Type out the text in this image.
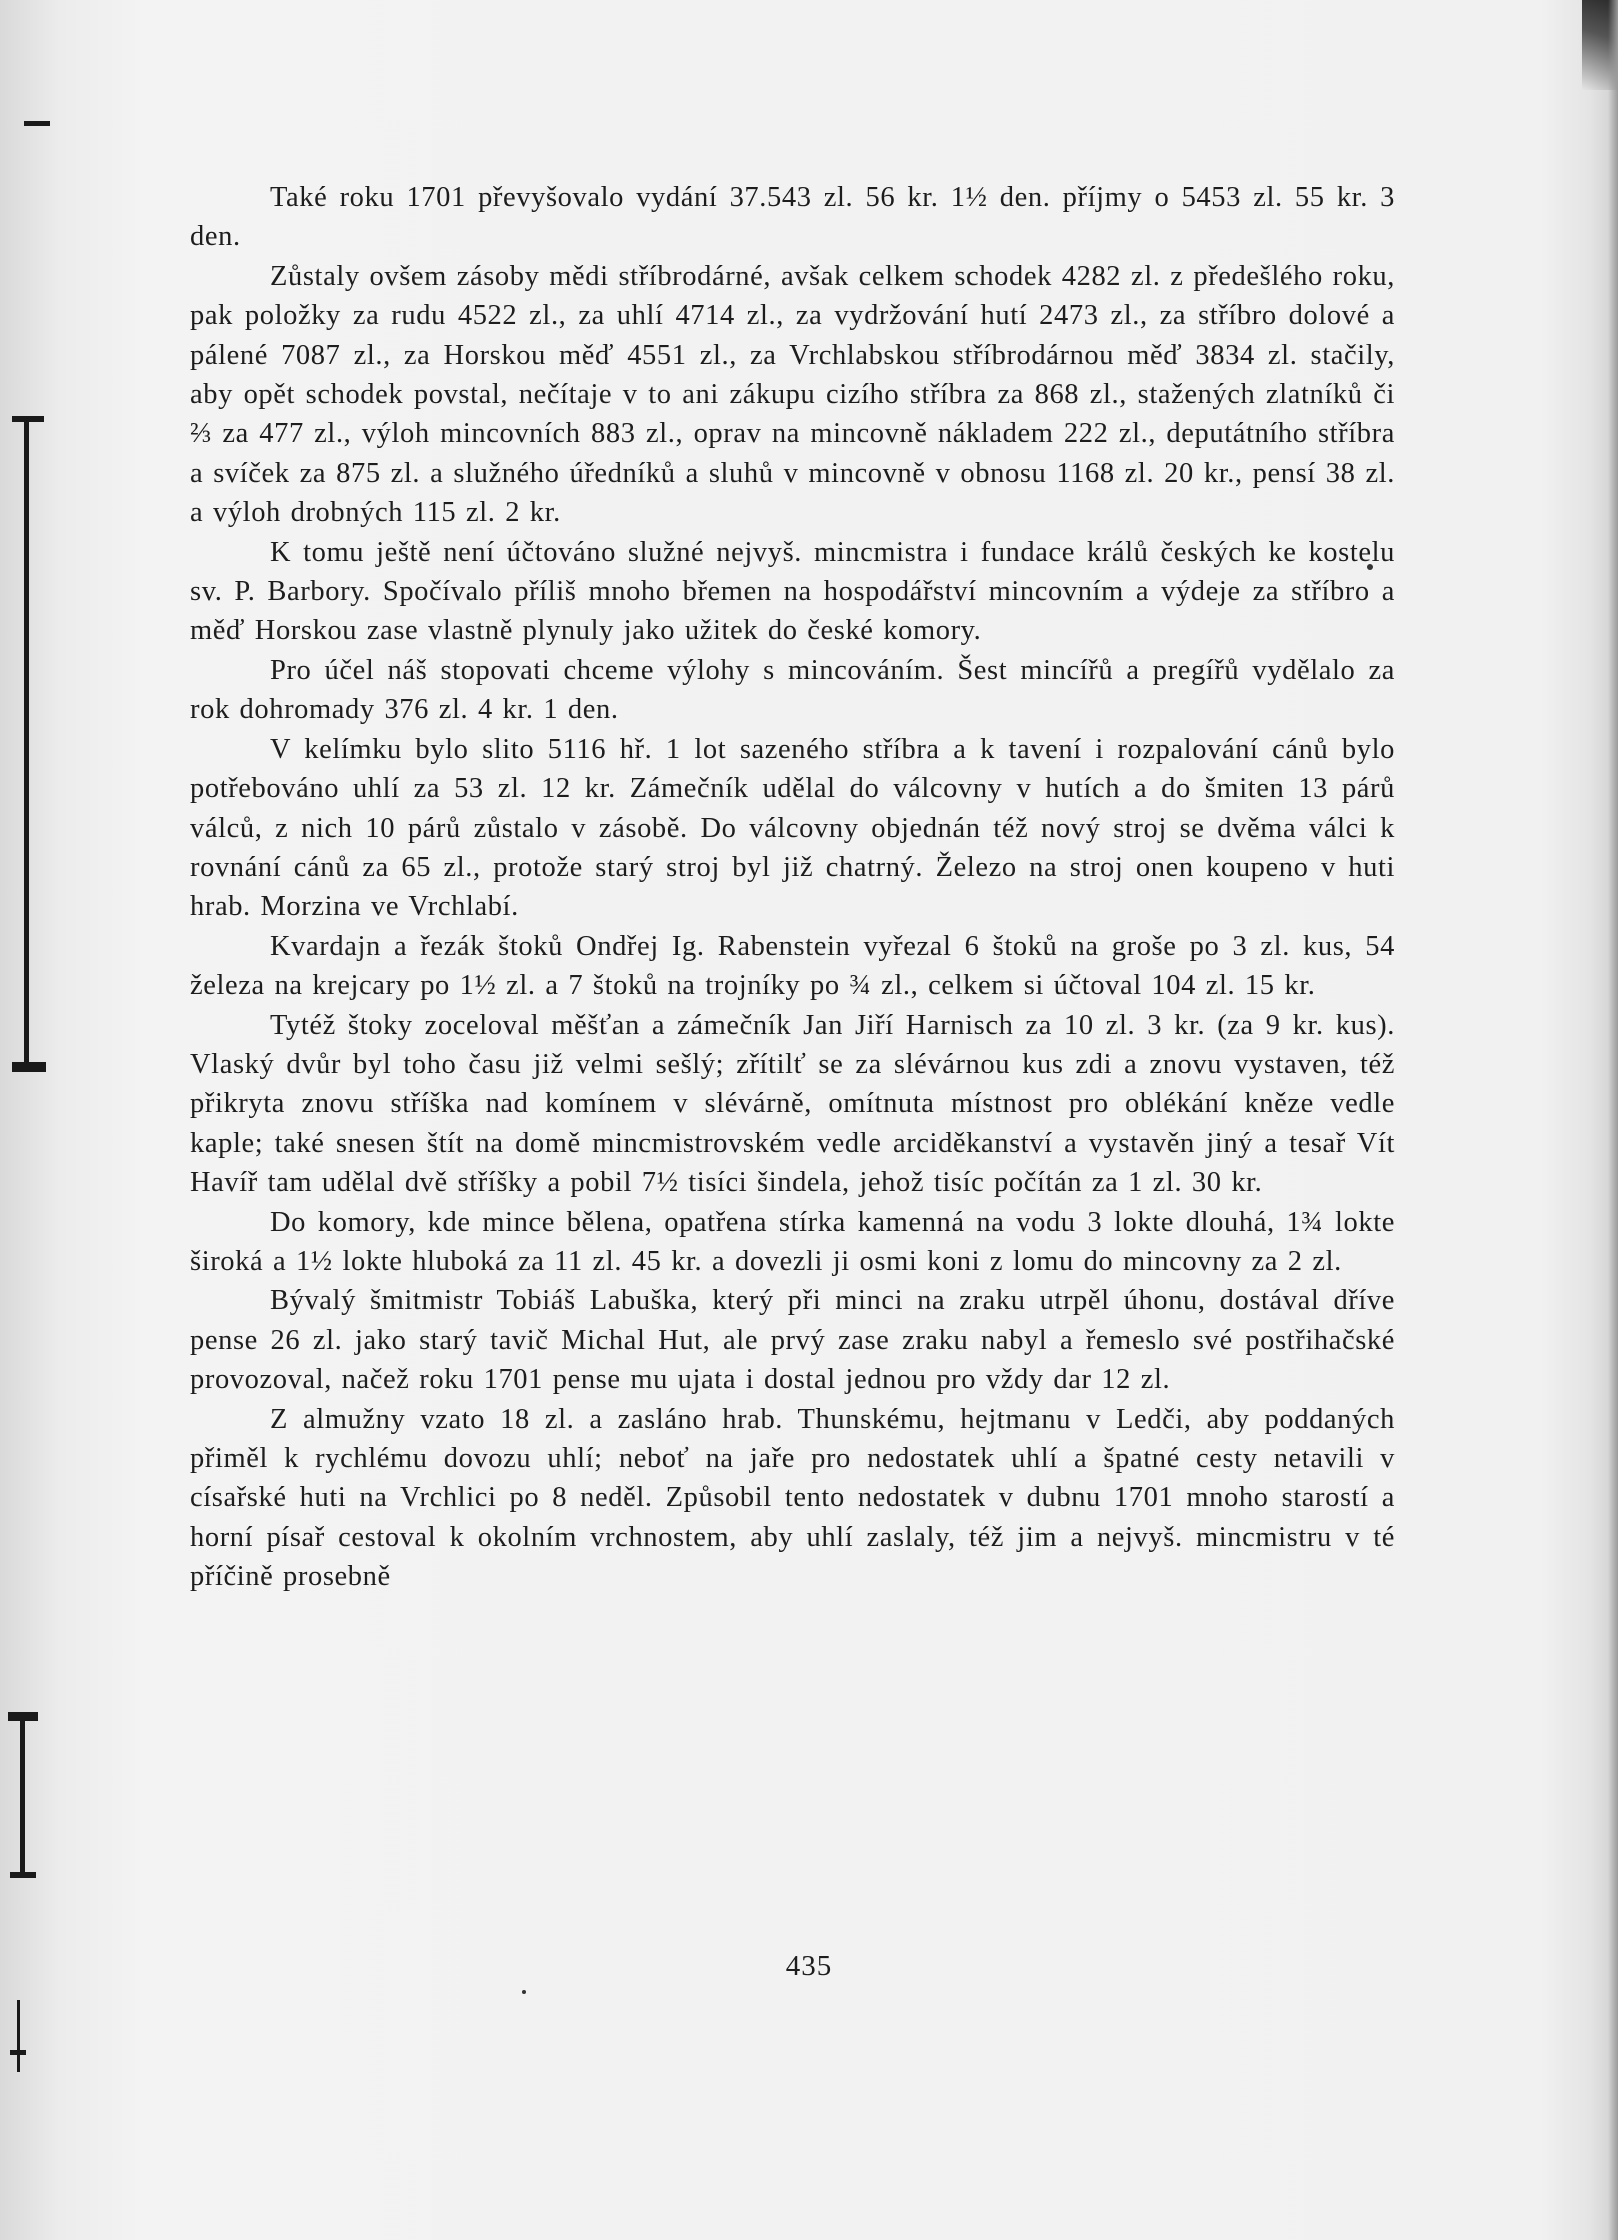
Také roku 1701 převyšovalo vydání 37.543 zl. 56 kr. 1½ den. příjmy o 5453 zl. 55 kr. 3 den.

Zůstaly ovšem zásoby mědi stříbrodárné, avšak celkem schodek 4282 zl. z předešlého roku, pak položky za rudu 4522 zl., za uhlí 4714 zl., za vydržování hutí 2473 zl., za stříbro dolové a pálené 7087 zl., za Horskou měď 4551 zl., za Vrchlabskou stříbrodárnou měď 3834 zl. stačily, aby opět schodek povstal, nečítaje v to ani zákupu cizího stříbra za 868 zl., stažených zlatníků či ⅔ za 477 zl., výloh mincovních 883 zl., oprav na mincovně nákladem 222 zl., deputátního stříbra a svíček za 875 zl. a služného úředníků a sluhů v mincovně v obnosu 1168 zl. 20 kr., pensí 38 zl. a výloh drobných 115 zl. 2 kr.

K tomu ještě není účtováno služné nejvyš. mincmistra i fundace králů českých ke kostelu sv. P. Barbory. Spočívalo příliš mnoho břemen na hospodářství mincovním a výdeje za stříbro a měď Horskou zase vlastně plynuly jako užitek do české komory.

Pro účel náš stopovati chceme výlohy s mincováním. Šest mincířů a pregířů vydělalo za rok dohromady 376 zl. 4 kr. 1 den.

V kelímku bylo slito 5116 hř. 1 lot sazeného stříbra a k tavení i rozpalování cánů bylo potřebováno uhlí za 53 zl. 12 kr. Zámečník udělal do válcovny v hutích a do šmiten 13 párů válců, z nich 10 párů zůstalo v zásobě. Do válcovny objednán též nový stroj se dvěma válci k rovnání cánů za 65 zl., protože starý stroj byl již chatrný. Železo na stroj onen koupeno v huti hrab. Morzina ve Vrchlabí.

Kvardajn a řezák štoků Ondřej Ig. Rabenstein vyřezal 6 štoků na groše po 3 zl. kus, 54 železa na krejcary po 1½ zl. a 7 štoků na trojníky po ¾ zl., celkem si účtoval 104 zl. 15 kr.

Tytéž štoky zoceloval měšťan a zámečník Jan Jiří Harnisch za 10 zl. 3 kr. (za 9 kr. kus). Vlaský dvůr byl toho času již velmi sešlý; zřítilť se za slévárnou kus zdi a znovu vystaven, též přikryta znovu stříška nad komínem v slévárně, omítnuta místnost pro oblékání kněze vedle kaple; také snesen štít na domě mincmistrovském vedle arciděkanství a vystavěn jiný a tesař Vít Havíř tam udělal dvě stříšky a pobil 7½ tisíci šindela, jehož tisíc počítán za 1 zl. 30 kr.

Do komory, kde mince bělena, opatřena stírka kamenná na vodu 3 lokte dlouhá, 1¾ lokte široká a 1½ lokte hluboká za 11 zl. 45 kr. a dovezli ji osmi koni z lomu do mincovny za 2 zl.

Bývalý šmitmistr Tobiáš Labuška, který při minci na zraku utrpěl úhonu, dostával dříve pense 26 zl. jako starý tavič Michal Hut, ale prvý zase zraku nabyl a řemeslo své postřihačské provozoval, načež roku 1701 pense mu ujata i dostal jednou pro vždy dar 12 zl.

Z almužny vzato 18 zl. a zasláno hrab. Thunskému, hejtmanu v Ledči, aby poddaných přiměl k rychlému dovozu uhlí; neboť na jaře pro nedostatek uhlí a špatné cesty netavili v císařské huti na Vrchlici po 8 neděl. Způsobil tento nedostatek v dubnu 1701 mnoho starostí a horní písař cestoval k okolním vrchnostem, aby uhlí zaslaly, též jim a nejvyš. mincmistru v té příčině prosebně

435
